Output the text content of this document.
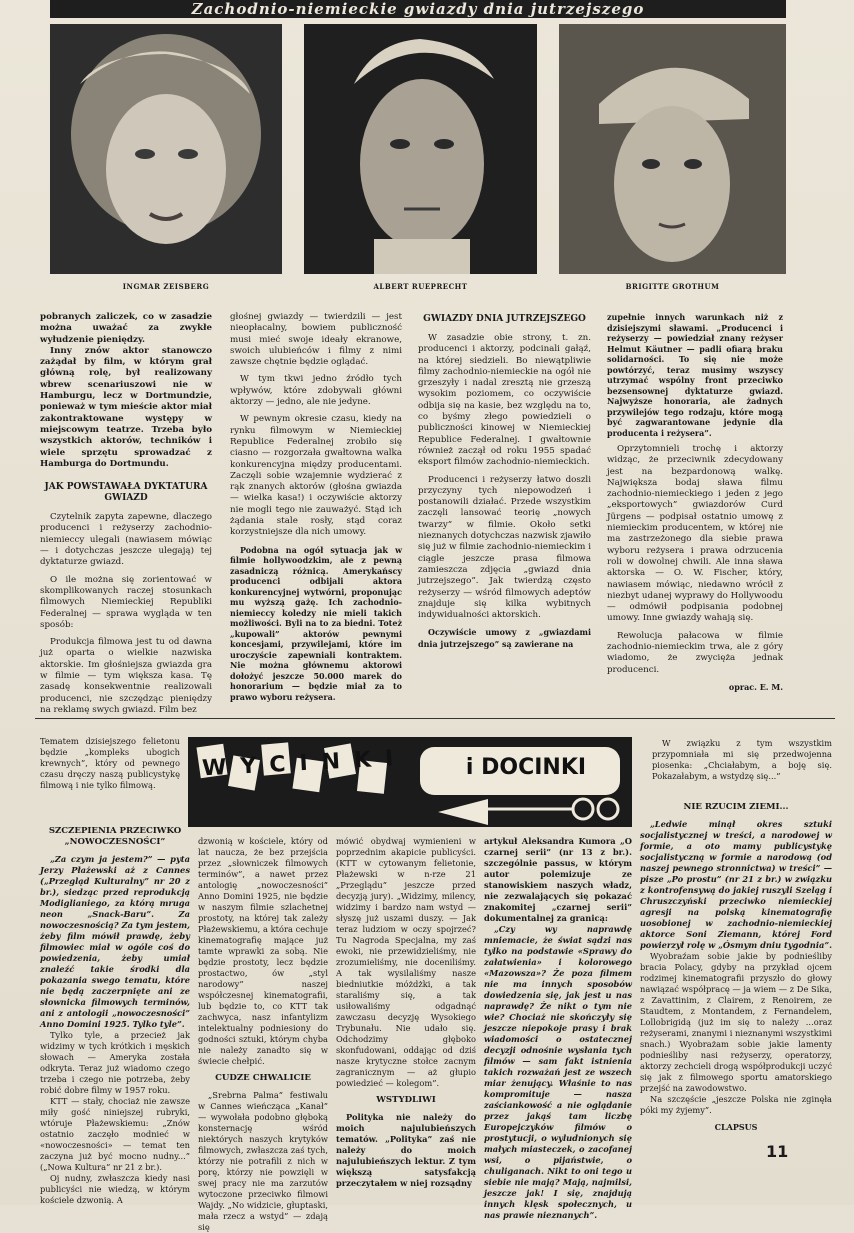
Zachodnio-niemieckie gwiazdy dnia jutrzejszego
INGMAR ZEISBERG	ALBERT RUEPRECHT	BRIGITTE GROTHUM

pobranych zaliczek, co w zasadzie można uważać za zwykłe wyłudzenie pieniędzy.

Inny znów aktor stanowczo zażądał by film, w którym grał główną rolę, był realizowany wbrew scenariuszowi nie w Hamburgu, lecz w Dortmundzie, ponieważ w tym mieście aktor miał zakontraktowane występy w miejscowym teatrze. Trzeba było wszystkich aktorów, techników i wiele sprzętu sprowadzać z Hamburga do Dortmundu.

JAK POWSTAWAŁA DYKTATURA GWIAZD

Czytelnik zapyta zapewne, dlaczego producenci i reżyserzy zachodnio-niemieccy ulegali (nawiasem mówiąc — i dotychczas jeszcze ulegają) tej dyktaturze gwiazd.

O ile można się zorientować w skomplikowanych raczej stosunkach filmowych Niemieckiej Republiki Federalnej — sprawa wygląda w ten sposób:

Produkcja filmowa jest tu od dawna już oparta o wielkie nazwiska aktorskie. Im głośniejsza gwiazda gra w filmie — tym większa kasa. Tę zasadę konsekwentnie realizowali producenci, nie szczędząc pieniędzy na reklamę swych gwiazd. Film bez

głośnej gwiazdy — twierdzili — jest nieopłacalny, bowiem publiczność musi mieć swoje ideały ekranowe, swoich ulubieńców i filmy z nimi zawsze chętnie będzie oglądać.

W tym tkwi jedno źródło tych wpływów, które zdobywali główni aktorzy — jedno, ale nie jedyne.

W pewnym okresie czasu, kiedy na rynku filmowym w Niemieckiej Republice Federalnej zrobiło się ciasno — rozgorzała gwałtowna walka konkurencyjna między producentami. Zaczęli sobie wzajemnie wydzierać z rąk znanych aktorów (głośna gwiazda — wielka kasa!) i oczywiście aktorzy nie mogli tego nie zauważyć. Stąd ich żądania stale rosły, stąd coraz korzystniejsze dla nich umowy.

Podobna na ogół sytuacja jak w filmie hollywoodzkim, ale z pewną zasadniczą różnicą. Amerykańscy producenci odbijali aktora konkurencyjnej wytwórni, proponując mu wyższą gażę. Ich zachodnio-niemieccy koledzy nie mieli takich możliwości. Byli na to za biedni. Toteż „kupowali” aktorów pewnymi koncesjami, przywilejami, które im uroczyście zapewniali kontraktem. Nie można głównemu aktorowi dołożyć jeszcze 50.000 marek do honorarium — będzie miał za to prawo wyboru reżysera.

GWIAZDY DNIA JUTRZEJSZEGO

W zasadzie obie strony, t. zn. producenci i aktorzy, podcinali gałąź, na której siedzieli. Bo niewątpliwie filmy zachodnio-niemieckie na ogół nie grzeszyły i nadal zresztą nie grzeszą wysokim poziomem, co oczywiście odbija się na kasie, bez względu na to, co byśmy złego powiedzieli o publiczności kinowej w Niemieckiej Republice Federalnej. I gwałtownie również zaczął od roku 1955 spadać eksport filmów zachodnio-niemieckich.

Producenci i reżyserzy łatwo doszli przyczyny tych niepowodzeń i postanowili działać. Przede wszystkim zaczęli lansować teorię „nowych twarzy” w filmie. Około setki nieznanych dotychczas nazwisk zjawiło się już w filmie zachodnio-niemieckim i ciągle jeszcze prasa filmowa zamieszcza zdjęcia „gwiazd dnia jutrzejszego”. Jak twierdzą często reżyserzy — wśród filmowych adeptów znajduje się kilka wybitnych indywidualności aktorskich.

Oczywiście umowy z „gwiazdami dnia jutrzejszego” są zawierane na

zupełnie innych warunkach niż z dzisiejszymi sławami. „Producenci i reżyserzy — powiedział znany reżyser Helmut Käutner — padli ofiarą braku solidarności. To się nie może powtórzyć, teraz musimy wszyscy utrzymać wspólny front przeciwko bezsensownej dyktaturze gwiazd. Najwyższe honoraria, ale żadnych przywilejów tego rodzaju, które mogą być zagwarantowane jedynie dla producenta i reżysera”.

Oprzytomnieli trochę i aktorzy widząc, że przeciwnik zdecydowany jest na bezpardonową walkę. Największa bodaj sława filmu zachodnio-niemieckiego i jeden z jego „eksportowych” gwiazdorów Curd Jürgens — podpisał ostatnio umowę z niemieckim producentem, w której nie ma zastrzeżonego dla siebie prawa wyboru reżysera i prawa odrzucenia roli w dowolnej chwili. Ale inna sława aktorska — O. W. Fischer, który, nawiasem mówiąc, niedawno wrócił z niezbyt udanej wyprawy do Hollywoodu — odmówił podpisania podobnej umowy. Inne gwiazdy wahają się.

Rewolucja pałacowa w filmie zachodnio-niemieckim trwa, ale z góry wiadomo, że zwycięża jednak producenci.

oprac. E. M.

Tematem dzisiejszego felietonu będzie „kompleks ubogich krewnych”, który od pewnego czasu dręczy naszą publicystykę filmową i nie tylko filmową.

WYCINKI	i DOCINKI

W związku z tym wszystkim przypomniała mi się przedwojenna piosenka: „Chciałabym, a boję się. Pokazałabym, a wstydzę się...”

SZCZEPIENIA PRZECIWKO „NOWOCZESNOŚCI”

„Za czym ja jestem?” — pyta Jerzy Płażewski aż z Cannes („Przegląd Kulturalny” nr 20 z br.), siedząc przed reprodukcją Modiglianiego, za którą mruga neon „Snack-Baru”. Za nowoczesnością? Za tym jestem, żeby film mówił prawdę, żeby filmowiec miał w ogóle coś do powiedzenia, żeby umiał znaleźć takie środki dla pokazania swego tematu, które nie będą zaczerpnięte ani ze słownicka filmowych terminów, ani z antologii „nowoczesności” Anno Domini 1925. Tylko tyle”.

Tylko tyle, a przecież jak widzimy w tych krótkich i męskich słowach — Ameryka została odkryta. Teraz już wiadomo czego trzeba i czego nie potrzeba, żeby robić dobre filmy w 1957 roku.

KTT — stały, chociaż nie zawsze miły gość niniejszej rubryki, wtóruje Płażewskiemu: „Znów ostatnio zaczęło modnieć w «nowoczesności» — temat ten zaczyna już być mocno nudny...” („Nowa Kultura” nr 21 z br.).

Oj nudny, zwłaszcza kiedy nasi publicyści nie wiedzą, w którym kościele dzwonią. A

dzwonią w kościele, który od lat naucza, że bez przejścia przez „słowniczek filmowych terminów”, a nawet przez antologię „nowoczesności” Anno Domini 1925, nie będzie w naszym filmie szlachetnej prostoty, na której tak zależy Płażewskiemu, a która cechuje kinematografię mające już tamte wprawki za sobą. Nie będzie prostoty, lecz będzie prostactwo, ów „styl narodowy” naszej współczesnej kinematografii, lub będzie to, co KTT tak zachwyca, nasz infantylizm intelektualny podniesiony do godności sztuki, którym chyba nie należy zanadto się w świecie chełpić.

CUDZE CHWALICIE

„Srebrna Palma” festiwalu w Cannes wieńcząca „Kanał” — wywołała podobno głęboką konsternację wśród niektórych naszych krytyków filmowych, zwłaszcza zaś tych, którzy nie potrafili z nich w porę, którzy nie powzięli w swej pracy nie ma zarzutów wytoczone przeciwko filmowi Wajdy. „No widzicie, głuptaski, mała rzecz a wstyd” — zdają się

mówić obydwaj wymienieni w poprzednim akapicie publicyści. (KTT w cytowanym felietonie, Płażewski w n-rze 21 „Przeglądu” jeszcze przed decyzją jury). „Widzimy, milency, widzimy i bardzo nam wstyd — słyszę już uszami duszy. — Jak teraz ludziom w oczy spojrzeć? Tu Nagroda Specjalna, my zaś ewoki, nie przewidzieliśmy, nie zrozumieliśmy, nie doceniliśmy. A tak wysilaliśmy nasze biedniutkie móżdżki, a tak staraliśmy się, a tak usiłowaliśmy odgadnąć zawczasu decyzję Wysokiego Trybunału. Nie udało się. Odchodzimy głęboko skonfudowani, oddając od dziś nasze krytyczne stołce zacnym zagranicznym — aż głupio powiedzieć — kolegom”.

WSTYDLIWI

Polityka nie należy do moich najulubieńszych tematów. „Polityka” zaś nie należy do moich najulubieńszych lektur. Z tym większą satysfakcją przeczytałem w niej rozsądny

artykuł Aleksandra Kumora „O czarnej serii” (nr 13 z br.). szczególnie passus, w którym autor polemizuje ze stanowiskiem naszych władz, nie zezwalających się pokazać znakomitej „czarnej serii” dokumentalnej za granicą:

„Czy wy naprawdę mniemacie, że świat sądzi nas tylko na podstawie «Sprawy do załatwienia» i kolorowego «Mazowsza»? Że poza filmem nie ma innych sposobów dowiedzenia się, jak jest u nas naprawdę? Że nikt o tym nie wie? Chociaż nie skończyły się jeszcze niepokoje prasy i brak wiadomości o ostatecznej decyzji odnośnie wysłania tych filmów — sam fakt istnienia takich rozważań jest ze wszech miar żenujący. Właśnie to nas kompromituje — nasza zaściankowość a nie oglądanie przez jakąś tam liczbę Europejczyków filmów o prostytucji, o wyludnionych się małych miasteczek, o zacofanej wsi, o pijaństwie, o chuliganach. Nikt to oni tego u siebie nie mają? Mają, najmilsi, jeszcze jak! I się, znajdują innych klęsk społecznych, u nas prawie nieznanych”.

NIE RZUCIM ZIEMI...

„Ledwie minął okres sztuki socjalistycznej w treści, a narodowej w formie, a oto mamy publicystykę socjalistyczną w formie a narodową (od naszej pewnego stronnictwa) w treści” — pisze „Po prostu” (nr 21 z br.) w związku z kontrofensywą do jakiej ruszyli Szeląg i Chruszczyński przeciwko niemieckiej agresji na polską kinematografię uosobionej w zachodnio-niemieckiej aktorce Soni Ziemann, której Ford powierzył rolę w „Ósmym dniu tygodnia”.

Wyobraźam sobie jakie by podnieśliby bracia Polacy, gdyby na przykład ojcem rodzimej kinematografii przyszło do głowy nawiązać współpracę — ja wiem — z De Sika, z Zavattinim, z Clairem, z Renoirem, ze Staudtem, z Montandem, z Fernandelem, Lollobrigidą (już im się to należy ...oraz reżyserami, znanymi i nieznanymi wszystkimi snach.) Wyobrażam sobie jakie lamenty podnieśliby nasi reżyserzy, operatorzy, aktorzy zechcieli drogą współprodukcji uczyć się jak z filmowego sportu amatorskiego przejść na zawodowstwo.

Na szczęście „jeszcze Polska nie zginęła póki my żyjemy”.

CLAPSUS
11
